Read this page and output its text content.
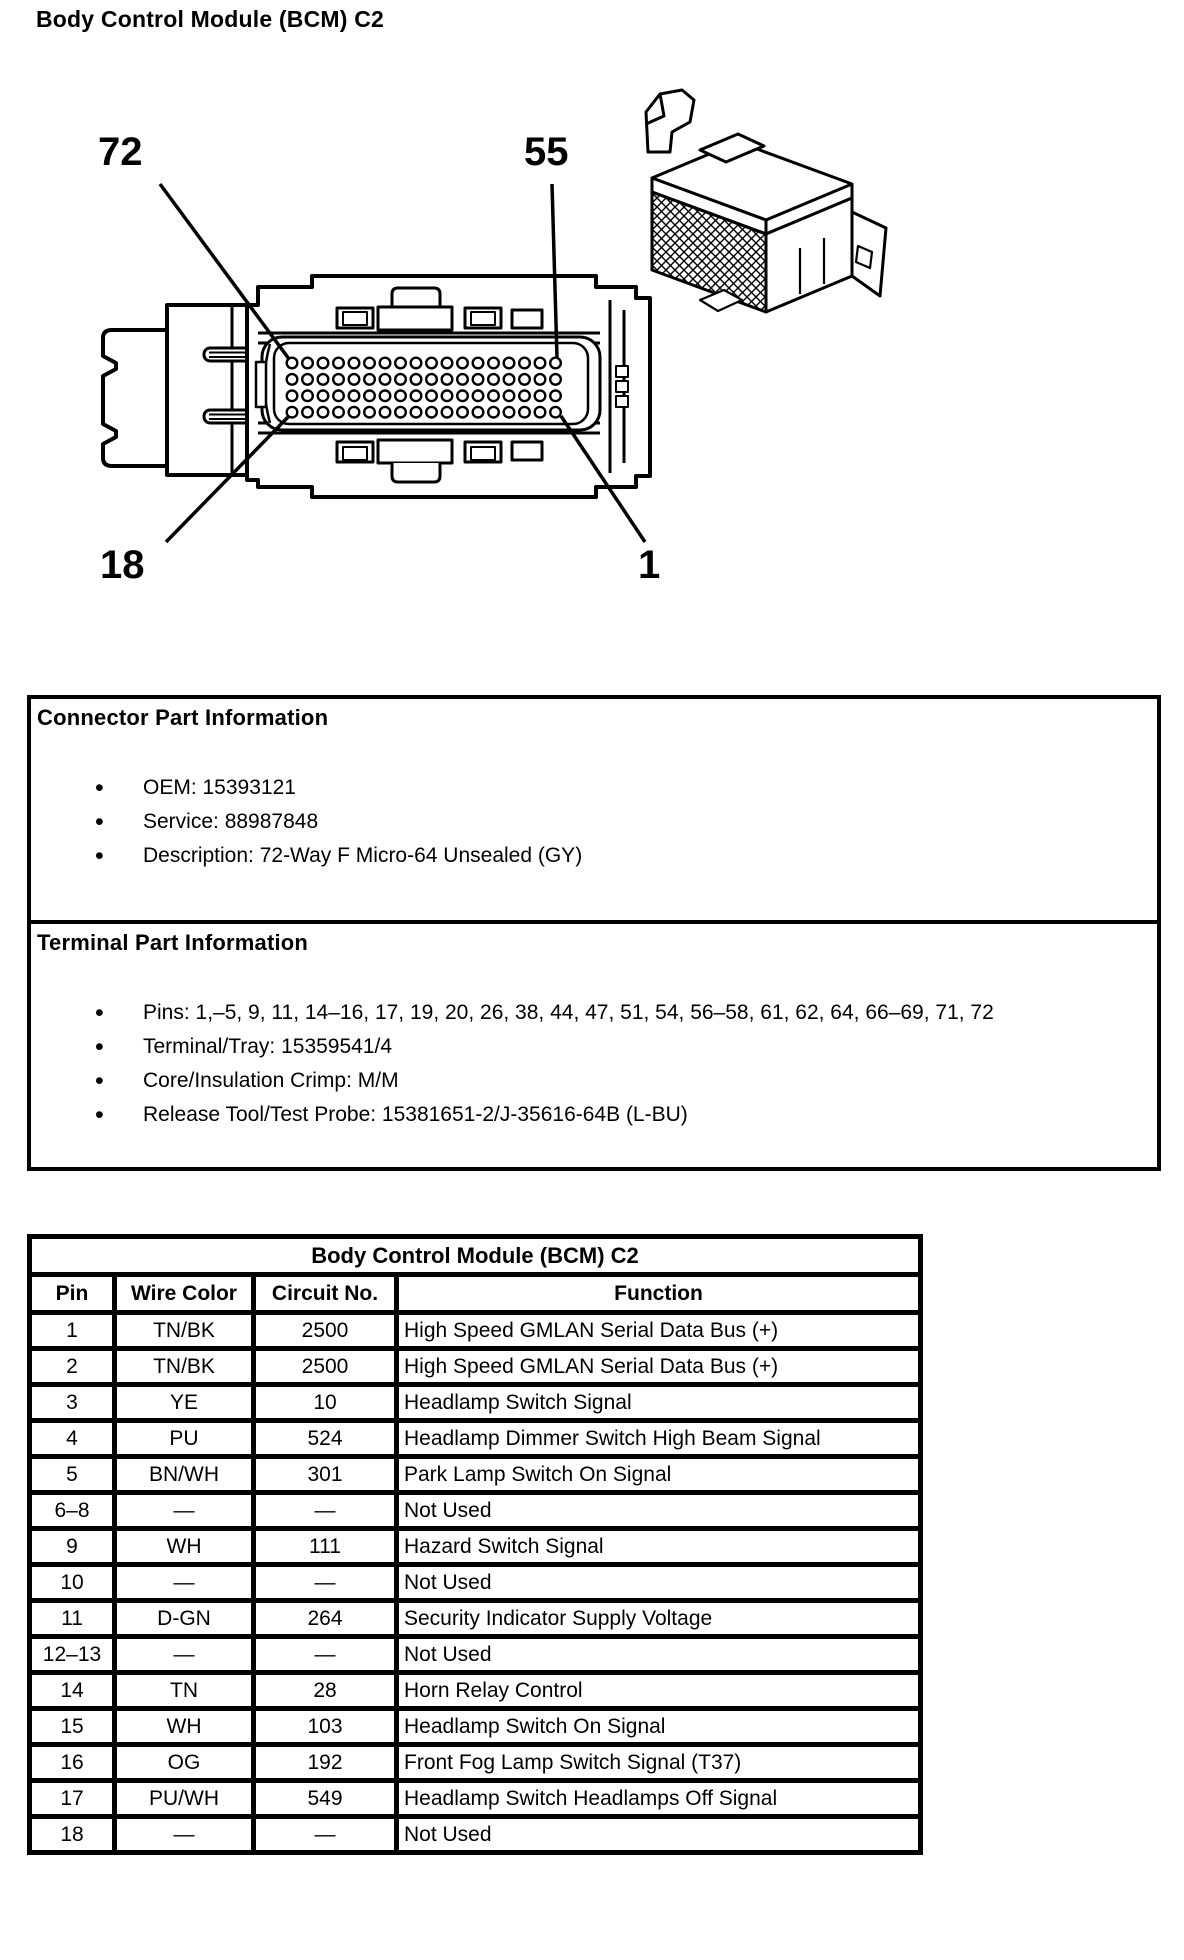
Body Control Module (BCM) C2
72	55
18	1
Connector Part Information
• OEM: 15393121
• Service: 88987848
• Description: 72-Way F Micro-64 Unsealed (GY)
Terminal Part Information
• Pins: 1,–5, 9, 11, 14–16, 17, 19, 20, 26, 38, 44, 47, 51, 54, 56–58, 61, 62, 64, 66–69, 71, 72
• Terminal/Tray: 15359541/4
• Core/Insulation Crimp: M/M
• Release Tool/Test Probe: 15381651-2/J-35616-64B (L-BU)
Body Control Module (BCM) C2			
Pin	Wire Color	Circuit No.	Function
1	TN/BK	2500	High Speed GMLAN Serial Data Bus (+)
2	TN/BK	2500	High Speed GMLAN Serial Data Bus (+)
3	YE	10	Headlamp Switch Signal
4	PU	524	Headlamp Dimmer Switch High Beam Signal
5	BN/WH	301	Park Lamp Switch On Signal
6–8	—	—	Not Used
9	WH	111	Hazard Switch Signal
10	—	—	Not Used
11	D-GN	264	Security Indicator Supply Voltage
12–13	—	—	Not Used
14	TN	28	Horn Relay Control
15	WH	103	Headlamp Switch On Signal
16	OG	192	Front Fog Lamp Switch Signal (T37)
17	PU/WH	549	Headlamp Switch Headlamps Off Signal
18	—	—	Not Used
